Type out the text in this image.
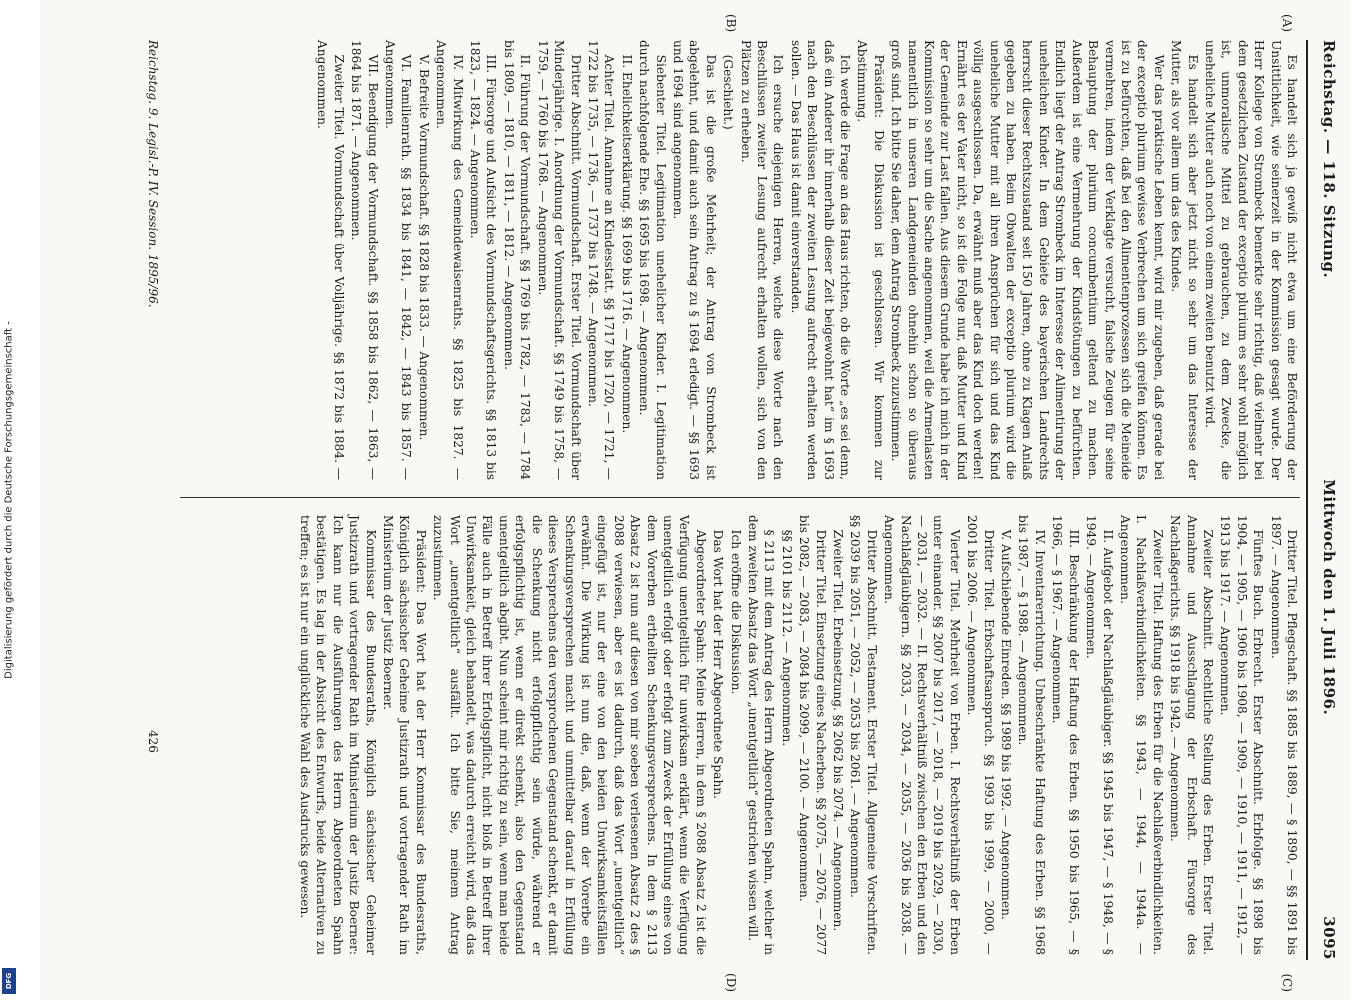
Digitalisierung gefördert durch die Deutsche Forschungsgemeinschaft -
DFG
Reichstag. — 118. Sitzung.
Mittwoch den 1. Juli 1896.
3095
(A)
(B)
(C)
(D)

Es handelt sich ja gewiß nicht etwa um eine Beförderung der Unsittlichkeit, wie seinerzeit in der Kommission gesagt wurde. Der Herr Kollege von Strombeck bemerkte sehr richtig, daß vielmehr bei dem gesetzlichen Zustand der exceptio plurium es sehr wohl möglich ist, unmoralische Mittel zu gebrauchen, zu dem Zwecke, die uneheliche Mutter auch noch von einem zweiten benutzt wird.

Es handelt sich aber jetzt nicht so sehr um das Interesse der Mutter, als vor allem um das des Kindes.

Wer das praktische Leben kennt, wird mir zugeben, daß gerade bei der exceptio plurium gewisse Verbrechen um sich greifen können. Es ist zu befürchten, daß bei den Alimentenprozessen sich die Meineide vermehren, indem der Verklagte versucht, falsche Zeugen für seine Behauptung der plurium concumbentium geltend zu machen. Außerdem ist eine Vermehrung der Kindstötungen zu befürchten. Endlich liegt der Antrag Strombeck im Interesse der Alimentirung der unehelichen Kinder. In dem Gebiete des bayerischen Landrechts herrscht dieser Rechtszustand seit 150 Jahren, ohne zu Klagen Anlaß gegeben zu haben. Beim Obwalten der exceptio plurium wird die uneheliche Mutter mit all ihren Ansprüchen für sich und das Kind völlig ausgeschlossen. Da, erwähnt muß aber das Kind doch werden! Ernährt es der Vater nicht, so ist die Folge nur, daß Mutter und Kind der Gemeinde zur Last fallen. Aus diesem Grunde habe ich mich in der Kommission so sehr um die Sache angenommen, weil die Armenlasten namentlich in unseren Landgemeinden ohnehin schon so überaus groß sind. Ich bitte Sie daher, dem Antrag Strombeck zuzustimmen.

Präsident: Die Diskussion ist geschlossen. Wir kommen zur Abstimmung.

Ich werde die Frage an das Haus richten, ob die Worte „es sei denn, daß ein Anderer ihr innerhalb dieser Zeit beigewohnt hat“ im § 1693 nach den Beschlüssen der zweiten Lesung aufrecht erhalten werden sollen. — Das Haus ist damit einverstanden.

Ich ersuche diejenigen Herren, welche diese Worte nach den Beschlüssen zweiter Lesung aufrecht erhalten wollen, sich von den Plätzen zu erheben.

(Geschieht.)

Das ist die große Mehrheit; der Antrag von Strombeck ist abgelehnt, und damit auch sein Antrag zu § 1694 erledigt. — §§ 1693 und 1694 sind angenommen.

Siebenter Titel. Legitimation unehelicher Kinder. I. Legitimation durch nachfolgende Ehe. §§ 1695 bis 1698. — Angenommen.

II. Ehelichkeitserklärung. §§ 1699 bis 1716. — Angenommen.

Achter Titel. Annahme an Kindesstatt. §§ 1717 bis 1720, — 1721, — 1722 bis 1735, — 1736, — 1737 bis 1748. — Angenommen.

Dritter Abschnitt. Vormundschaft. Erster Titel. Vormundschaft über Minderjährige. I. Anordnung der Vormundschaft. §§ 1749 bis 1758, — 1759, — 1760 bis 1768. — Angenommen.

II. Führung der Vormundschaft. §§ 1769 bis 1782, — 1783, — 1784 bis 1809, — 1810, — 1811, — 1812. — Angenommen.

III. Fürsorge und Aufsicht des Vormundschaftsgerichts. §§ 1813 bis 1823, — 1824. — Angenommen.

IV. Mitwirkung des Gemeindewaisenraths. §§ 1825 bis 1827. — Angenommen.

V. Befreite Vormundschaft. §§ 1828 bis 1833. — Angenommen.

VI. Familienrath. §§ 1834 bis 1841, — 1842, — 1843 bis 1857. — Angenommen.

VII. Beendigung der Vormundschaft. §§ 1858 bis 1862, — 1863, — 1864 bis 1871. — Angenommen.

Zweiter Titel. Vormundschaft über Volljährige. §§ 1872 bis 1884. — Angenommen.

Dritter Titel. Pflegschaft. §§ 1885 bis 1889, — § 1890, — §§ 1891 bis 1897. — Angenommen.

Fünftes Buch. Erbrecht. Erster Abschnitt. Erbfolge. §§ 1898 bis 1904, — 1905, — 1906 bis 1908, — 1909, — 1910, — 1911, — 1912, — 1913 bis 1917. — Angenommen.

Zweiter Abschnitt. Rechtliche Stellung des Erben. Erster Titel. Annahme und Ausschlagung der Erbschaft. Fürsorge des Nachlaßgerichts. §§ 1918 bis 1942. — Angenommen.

Zweiter Titel. Haftung des Erben für die Nachlaßverbindlichkeiten. I. Nachlaßverbindlichkeiten. §§ 1943, — 1944, — 1944a. — Angenommen.

II. Aufgebot der Nachlaßgläubiger. §§ 1945 bis 1947, — § 1948, — § 1949. — Angenommen.

III. Beschränkung der Haftung des Erben. §§ 1950 bis 1965, — § 1966, — § 1967. — Angenommen.

IV. Inventarerrichtung. Unbeschränkte Haftung des Erben. §§ 1968 bis 1987, — § 1988. — Angenommen.

V. Aufschiebende Einreden. §§ 1989 bis 1992. — Angenommen.

Dritter Titel. Erbschaftsanspruch. §§ 1993 bis 1999, — 2000, — 2001 bis 2006. — Angenommen.

Vierter Titel. Mehrheit von Erben. I. Rechtsverhältniß der Erben unter einander. §§ 2007 bis 2017, — 2018, — 2019 bis 2029, — 2030, — 2031, — 2032. — II. Rechtsverhältniß zwischen den Erben und den Nachlaßgläubigern. §§ 2033, — 2034, — 2035, — 2036 bis 2038. — Angenommen.

Dritter Abschnitt. Testament. Erster Titel. Allgemeine Vorschriften. §§ 2039 bis 2051, — 2052, — 2053 bis 2061. — Angenommen.

Zweiter Titel. Erbeinsetzung. §§ 2062 bis 2074. — Angenommen.

Dritter Titel. Einsetzung eines Nacherben. §§ 2075, — 2076, — 2077 bis 2082, — 2083, — 2084 bis 2099, — 2100. — Angenommen.

§§ 2101 bis 2112. — Angenommen.

§ 2113 mit dem Antrag des Herrn Abgeordneten Spahn, welcher in dem zweiten Absatz das Wort „unentgeltlich“ gestrichen wissen will.

Ich eröffne die Diskussion.

Das Wort hat der Herr Abgeordnete Spahn.

Abgeordneter Spahn: Meine Herren, in dem § 2088 Absatz 2 ist die Verfügung unentgeltlich für unwirksam erklärt, wenn die Verfügung unentgeltlich erfolgt oder erfolgt zum Zweck der Erfüllung eines von dem Vorerben ertheilten Schenkungsversprechens. In dem § 2113 Absatz 2 ist nun auf diesen von mir soeben verlesenen Absatz 2 des § 2088 verwiesen, aber es ist dadurch, daß das Wort „unentgeltlich“ eingefügt ist, nur der eine von den beiden Unwirksamkeitsfällen erwähnt. Die Wirkung ist nun die, daß, wenn der Vorerbe ein Schenkungsversprechen macht und unmittelbar darauf in Erfüllung dieses Versprechens den versprochenen Gegenstand schenkt, er damit die Schenkung nicht erfolgpflichtig sein würde, während er erfolgspflichtig ist, wenn er direkt schenkt, also den Gegenstand unentgeltlich abgibt. Nun scheint mir richtig zu sein, wenn man beide Fälle auch in Betreff ihrer Erfolgspflicht, nicht bloß in Betreff ihrer Unwirksamkeit, gleich behandelt, was dadurch erreicht wird, daß das Wort „unentgeltlich“ ausfällt. Ich bitte Sie, meinem Antrag zuzustimmen.

Präsident: Das Wort hat der Herr Kommissar des Bundesraths, Königlich sächsischer Geheime Justizrath und vortragender Rath im Ministerium der Justiz Boerner.

Kommissar des Bundesraths, Königlich sächsischer Geheimer Justizrath und vortragender Rath im Ministerium der Justiz Boerner: Ich kann nur die Ausführungen des Herrn Abgeordneten Spahn bestätigen. Es lag in der Absicht des Entwurfs, beide Alternativen zu treffen; es ist nur ein unglückliche Wahl des Ausdrucks gewesen.

Reichstag. 9. Legisl.-P. IV. Session. 1895/96.
426
